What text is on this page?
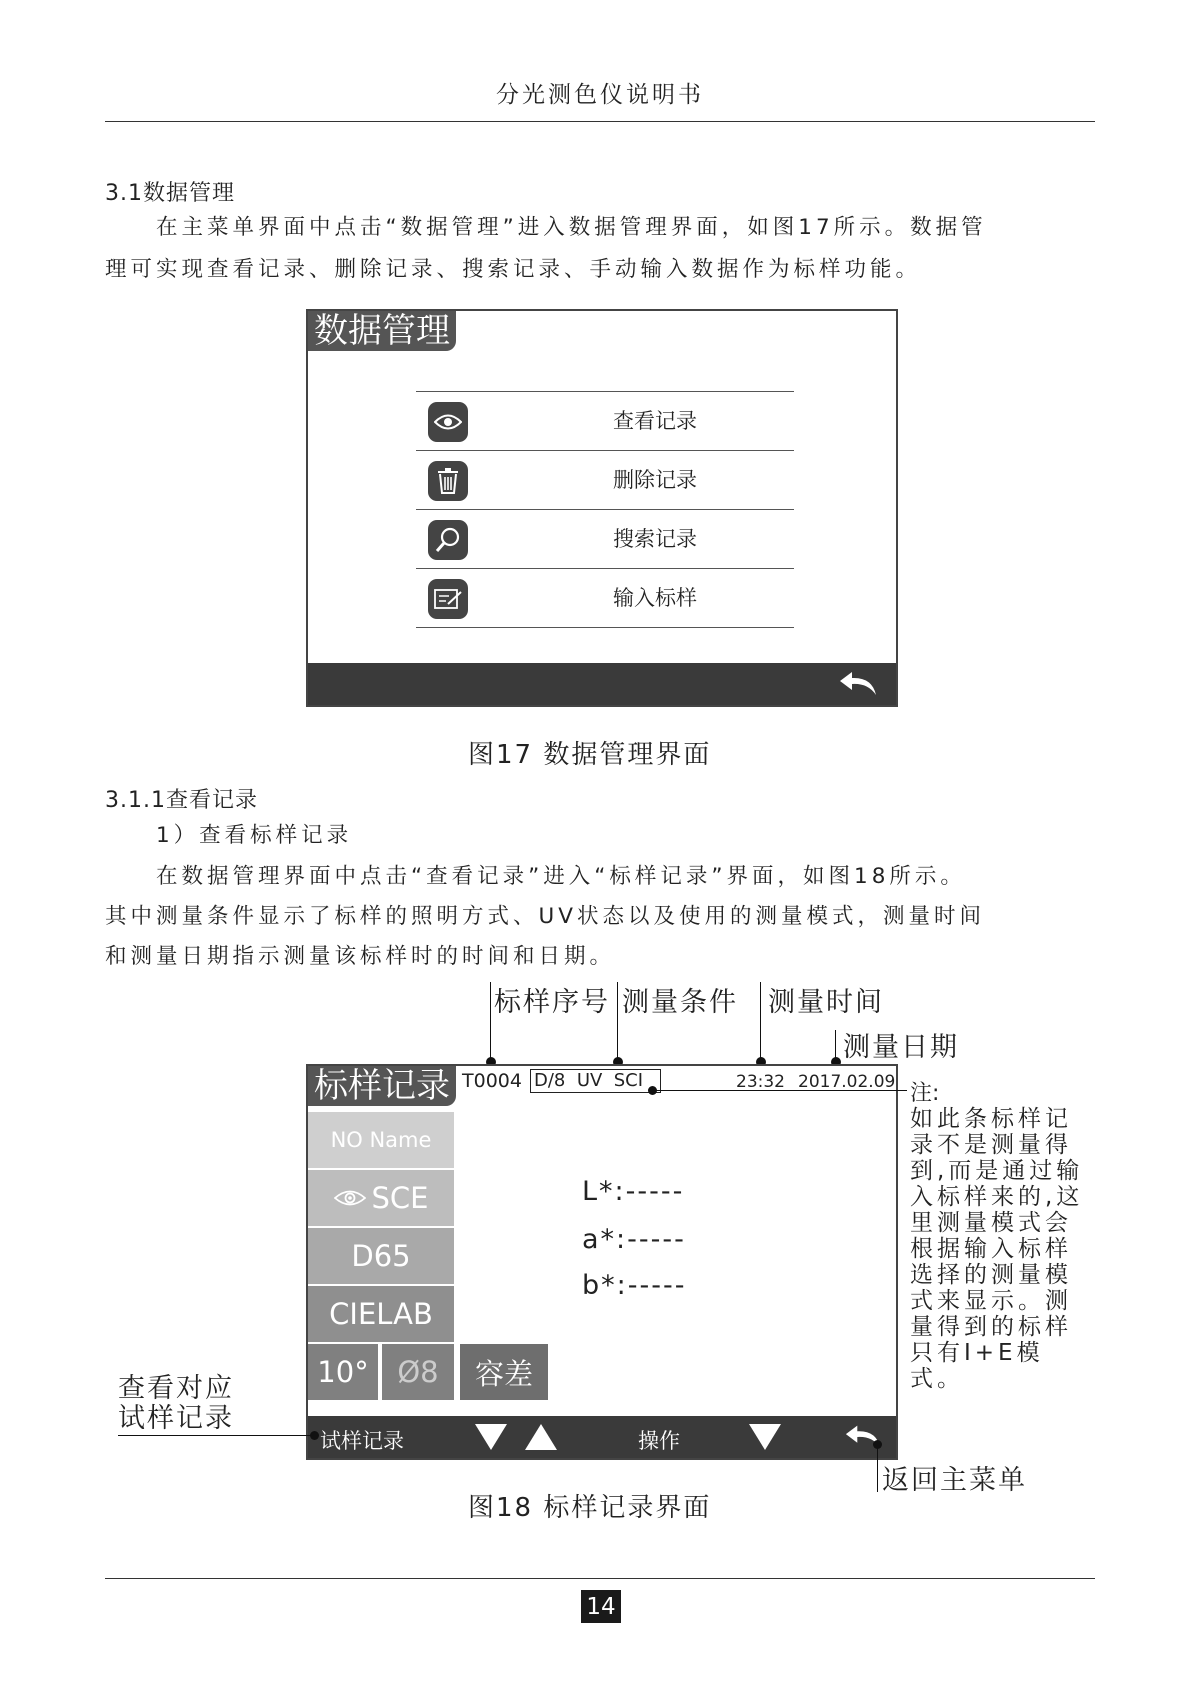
分光测色仪说明书
3.1数据管理
在主菜单界面中点击“数据管理”进入数据管理界面，如图17所示。数据管
理可实现查看记录、删除记录、搜索记录、手动输入数据作为标样功能。
数据管理
查看记录
删除记录
搜索记录
输入标样
图17 数据管理界面
3.1.1查看记录
1）查看标样记录
在数据管理界面中点击“查看记录”进入“标样记录”界面，如图18所示。
其中测量条件显示了标样的照明方式、UV状态以及使用的测量模式，测量时间
和测量日期指示测量该标样时的时间和日期。
标样序号 测量条件 测量时间
测量日期
标样记录 T0004 D/8  UV  SCI	23:32 2017.02.09
NO Name
SCE
D65
CIELAB
10° Ø8	容差
L*:-----
a*:-----
b*:-----
试样记录	操作
注:
如此条标样记
录不是测量得
到,而是通过输
入标样来的,这
里测量模式会
根据输入标样
选择的测量模
式来显示。测
量得到的标样
只有I+E模式。
查看对应
试样记录
返回主菜单
图18 标样记录界面
14
